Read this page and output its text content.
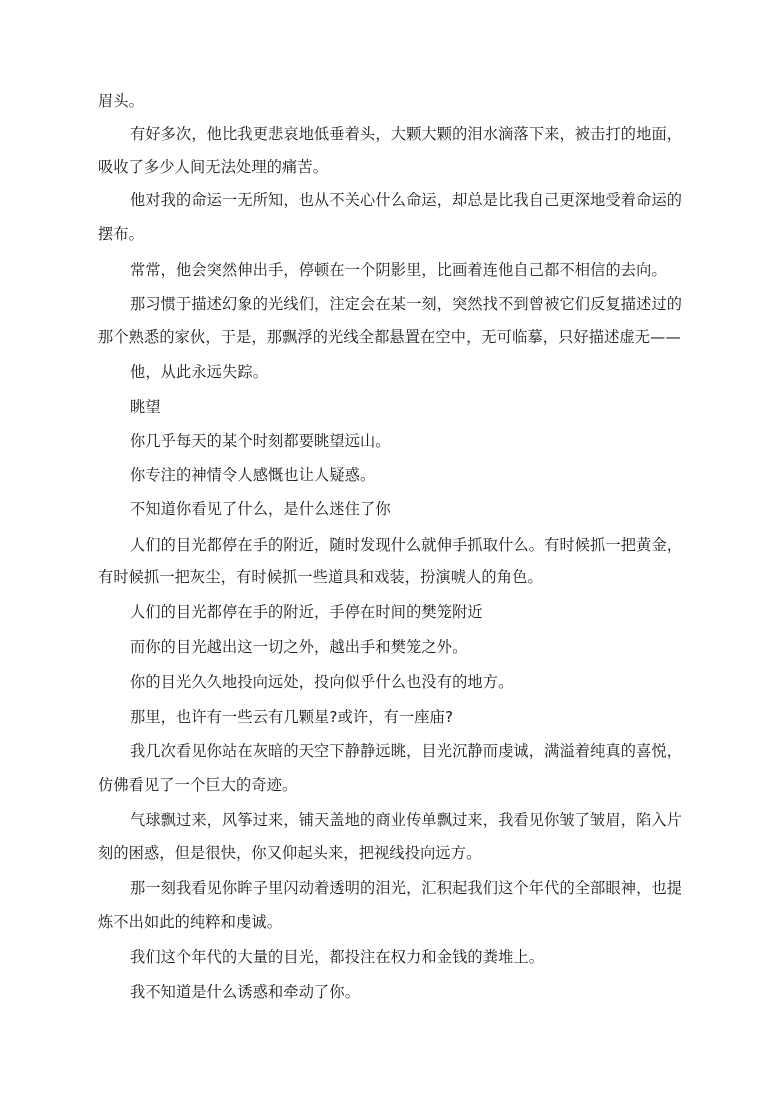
眉头。
有好多次，他比我更悲哀地低垂着头，大颗大颗的泪水滴落下来，被击打的地面，
吸收了多少人间无法处理的痛苦。
他对我的命运一无所知，也从不关心什么命运，却总是比我自己更深地受着命运的
摆布。
常常，他会突然伸出手，停顿在一个阴影里，比画着连他自己都不相信的去向。
那习惯于描述幻象的光线们，注定会在某一刻，突然找不到曾被它们反复描述过的
那个熟悉的家伙，于是，那飘浮的光线全都悬置在空中，无可临摹，只好描述虚无——
他，从此永远失踪。
眺望
你几乎每天的某个时刻都要眺望远山。
你专注的神情令人感慨也让人疑惑。
不知道你看见了什么，是什么迷住了你
人们的目光都停在手的附近，随时发现什么就伸手抓取什么。有时候抓一把黄金，
有时候抓一把灰尘，有时候抓一些道具和戏装，扮演唬人的角色。
人们的目光都停在手的附近，手停在时间的樊笼附近
而你的目光越出这一切之外，越出手和樊笼之外。
你的目光久久地投向远处，投向似乎什么也没有的地方。
那里，也许有一些云有几颗星?或许，有一座庙?
我几次看见你站在灰暗的天空下静静远眺，目光沉静而虔诚，满溢着纯真的喜悦，
仿佛看见了一个巨大的奇迹。
气球飘过来，风筝过来，铺天盖地的商业传单飘过来，我看见你皱了皱眉，陷入片
刻的困惑，但是很快，你又仰起头来，把视线投向远方。
那一刻我看见你眸子里闪动着透明的泪光，汇积起我们这个年代的全部眼神，也提
炼不出如此的纯粹和虔诚。
我们这个年代的大量的目光，都投注在权力和金钱的粪堆上。
我不知道是什么诱惑和牵动了你。
